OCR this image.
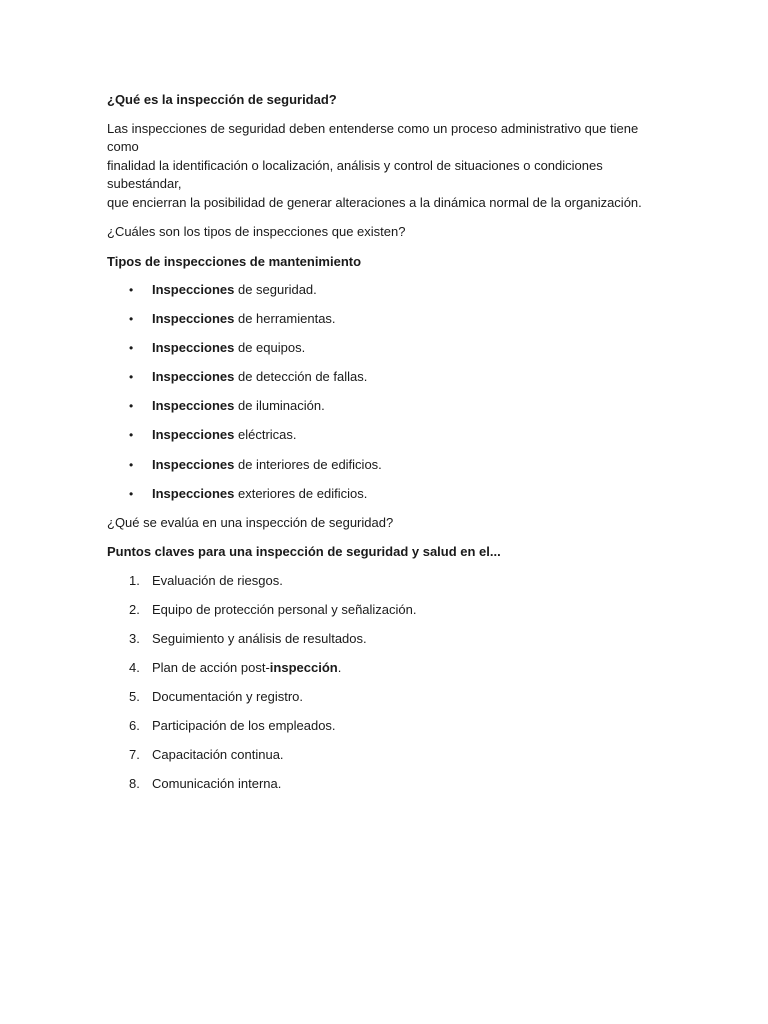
¿Qué es la inspección de seguridad?

Las inspecciones de seguridad deben entenderse como un proceso administrativo que tiene como
finalidad la identificación o localización, análisis y control de situaciones o condiciones subestándar,
que encierran la posibilidad de generar alteraciones a la dinámica normal de la organización.

¿Cuáles son los tipos de inspecciones que existen?

Tipos de inspecciones de mantenimiento

• Inspecciones de seguridad.
• Inspecciones de herramientas.
• Inspecciones de equipos.
• Inspecciones de detección de fallas.
• Inspecciones de iluminación.
• Inspecciones eléctricas.
• Inspecciones de interiores de edificios.
• Inspecciones exteriores de edificios.

¿Qué se evalúa en una inspección de seguridad?

Puntos claves para una inspección de seguridad y salud en el...

1. Evaluación de riesgos.
2. Equipo de protección personal y señalización.
3. Seguimiento y análisis de resultados.
4. Plan de acción post-inspección.
5. Documentación y registro.
6. Participación de los empleados.
7. Capacitación continua.
8. Comunicación interna.
